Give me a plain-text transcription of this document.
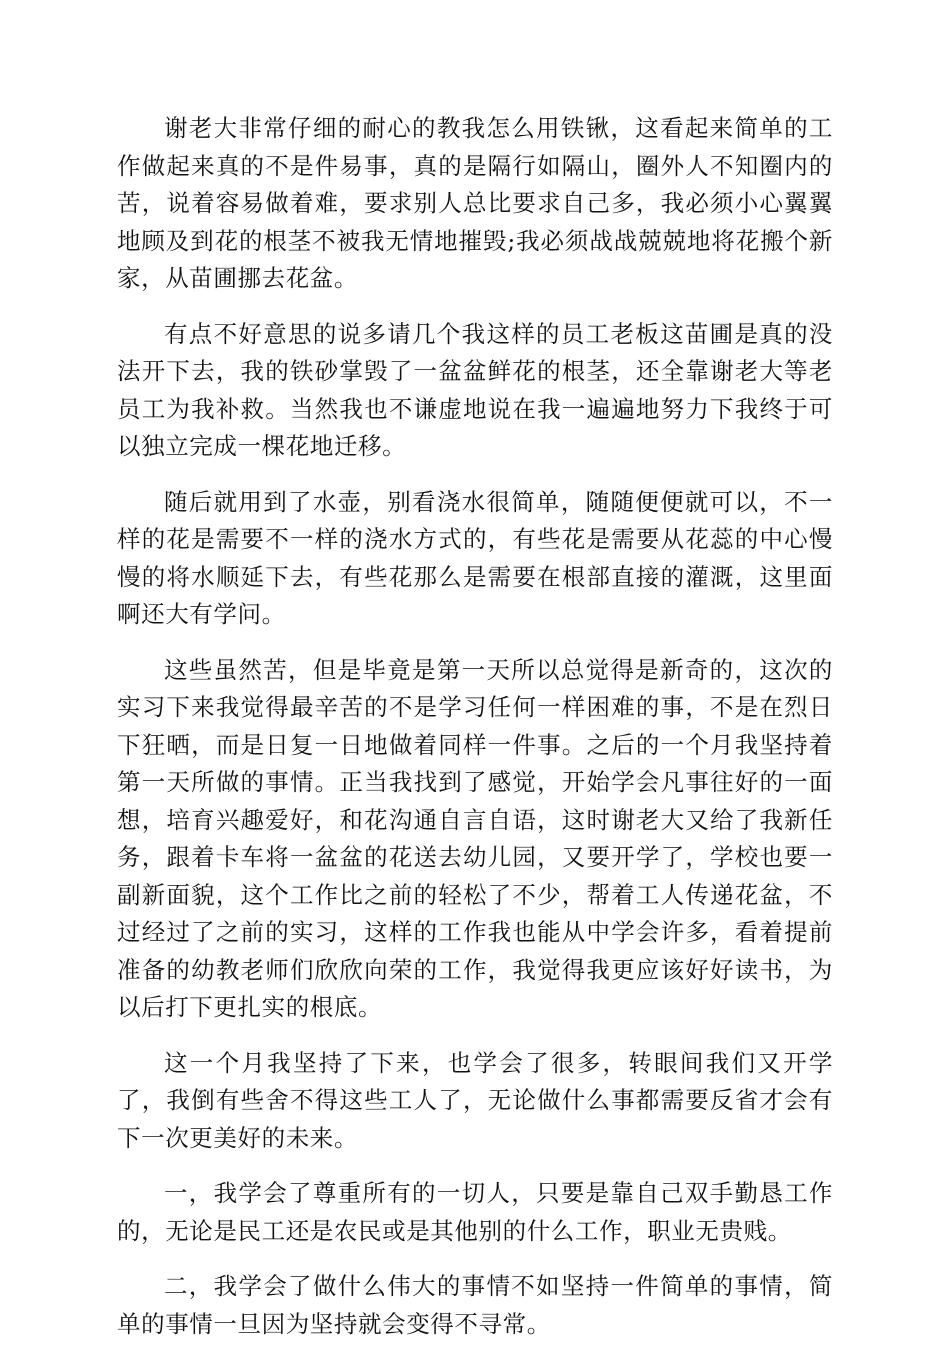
谢老大非常仔细的耐心的教我怎么用铁锹，这看起来简单的工作做起来真的不是件易事，真的是隔行如隔山，圈外人不知圈内的苦，说着容易做着难，要求别人总比要求自己多，我必须小心翼翼地顾及到花的根茎不被我无情地摧毁;我必须战战兢兢地将花搬个新家，从苗圃挪去花盆。

有点不好意思的说多请几个我这样的员工老板这苗圃是真的没法开下去，我的铁砂掌毁了一盆盆鲜花的根茎，还全靠谢老大等老员工为我补救。当然我也不谦虚地说在我一遍遍地努力下我终于可以独立完成一棵花地迁移。

随后就用到了水壶，别看浇水很简单，随随便便就可以，不一样的花是需要不一样的浇水方式的，有些花是需要从花蕊的中心慢慢的将水顺延下去，有些花那么是需要在根部直接的灌溉，这里面啊还大有学问。

这些虽然苦，但是毕竟是第一天所以总觉得是新奇的，这次的实习下来我觉得最辛苦的不是学习任何一样困难的事，不是在烈日下狂晒，而是日复一日地做着同样一件事。之后的一个月我坚持着第一天所做的事情。正当我找到了感觉，开始学会凡事往好的一面想，培育兴趣爱好，和花沟通自言自语，这时谢老大又给了我新任务，跟着卡车将一盆盆的花送去幼儿园，又要开学了，学校也要一副新面貌，这个工作比之前的轻松了不少，帮着工人传递花盆，不过经过了之前的实习，这样的工作我也能从中学会许多，看着提前准备的幼教老师们欣欣向荣的工作，我觉得我更应该好好读书，为以后打下更扎实的根底。

这一个月我坚持了下来，也学会了很多，转眼间我们又开学了，我倒有些舍不得这些工人了，无论做什么事都需要反省才会有下一次更美好的未来。

一，我学会了尊重所有的一切人，只要是靠自己双手勤恳工作的，无论是民工还是农民或是其他别的什么工作，职业无贵贱。

二，我学会了做什么伟大的事情不如坚持一件简单的事情，简单的事情一旦因为坚持就会变得不寻常。
